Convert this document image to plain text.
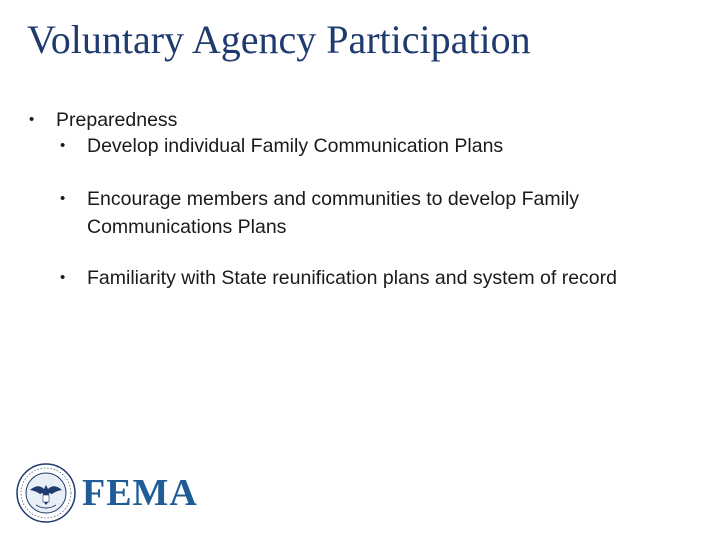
Voluntary Agency Participation
• Preparedness
• Develop individual Family Communication Plans
• Encourage members and communities to develop Family Communications Plans
• Familiarity with State reunification plans and system of record
FEMA
